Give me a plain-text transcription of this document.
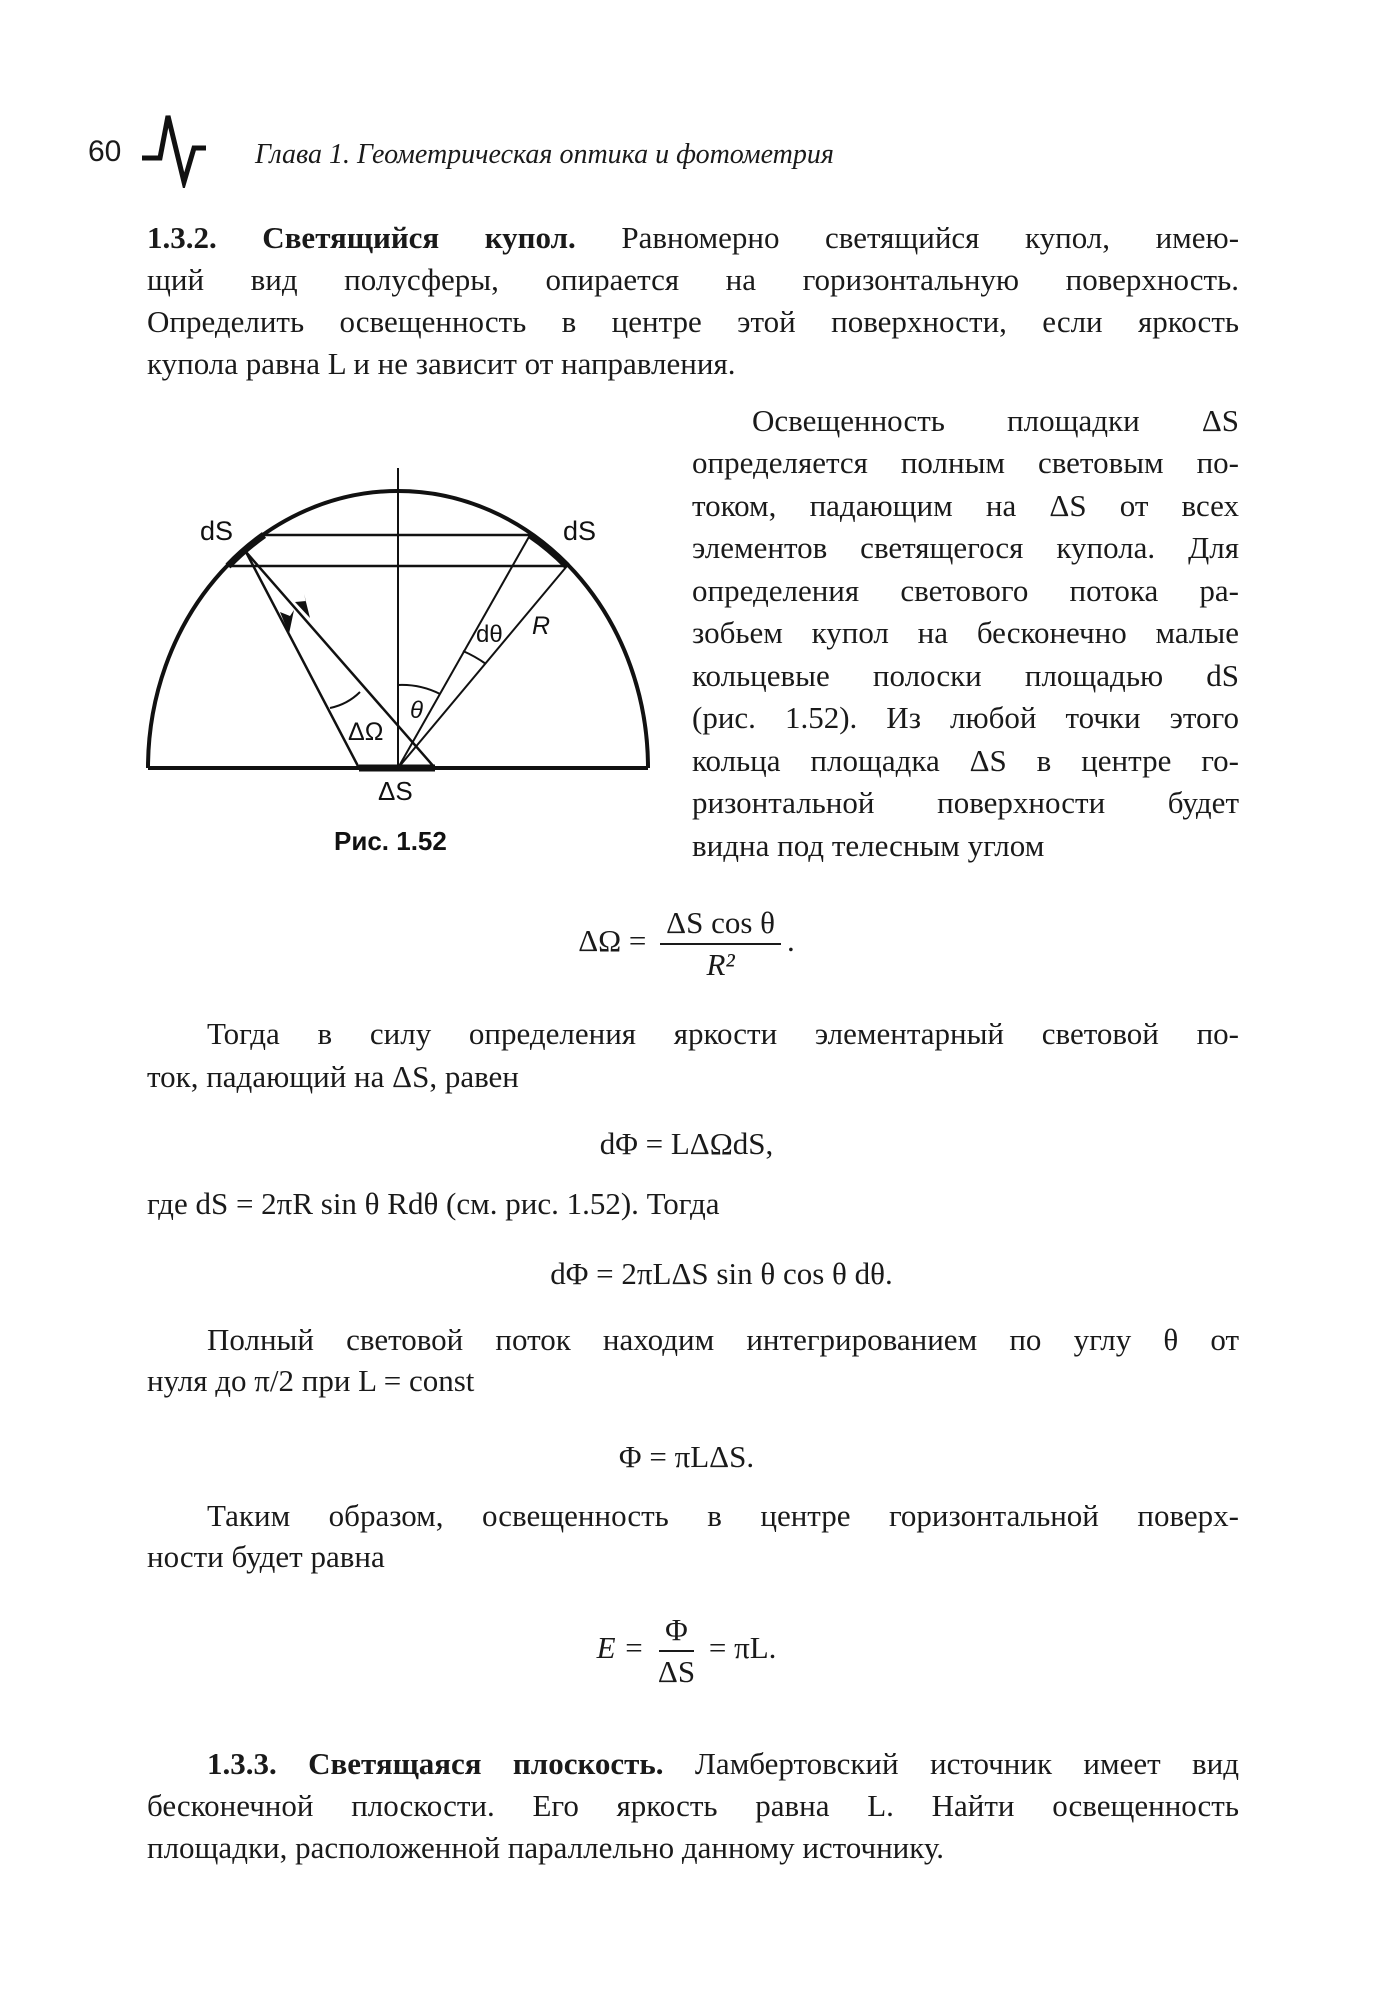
60	Глава 1. Геометрическая оптика и фотометрия
1.3.2. Светящийся купол. Равномерно светящийся купол, имею-
щий вид полусферы, опирается на горизонтальную поверхность.
Определить освещенность в центре этой поверхности, если яркость
купола равна L и не зависит от направления.
Освещенность площадки ΔS
определяется полным световым по-
током, падающим на ΔS от всех
элементов светящегося купола. Для
определения светового потока ра-
зобьем купол на бесконечно малые
кольцевые полоски площадью dS
(рис. 1.52). Из любой точки этого
кольца площадка ΔS в центре го-
ризонтальной поверхности будет
видна под телесным углом
dS	dS
dθ R
θ
ΔΩ
ΔS
Рис. 1.52
$\Delta\Omega = \frac{\text{ΔS cos θ}}{\text{R²}}$ .
Тогда в силу определения яркости элементарный световой по-
ток, падающий на ΔS, равен
dΦ = LΔΩdS,
где dS = 2πR sin θ Rdθ (см. рис. 1.52). Тогда
dΦ = 2πLΔS sin θ cos θ dθ.
Полный световой поток находим интегрированием по углу θ от
нуля до π/2 при L = const
Φ = πLΔS.
Таким образом, освещенность в центре горизонтальной поверх-
ности будет равна
$E = \frac{\Phi}{\Delta S} = \pi L$.
1.3.3. Светящаяся плоскость. Ламбертовский источник имеет вид
бесконечной плоскости. Его яркость равна L. Найти освещенность
площадки, расположенной параллельно данному источнику.
